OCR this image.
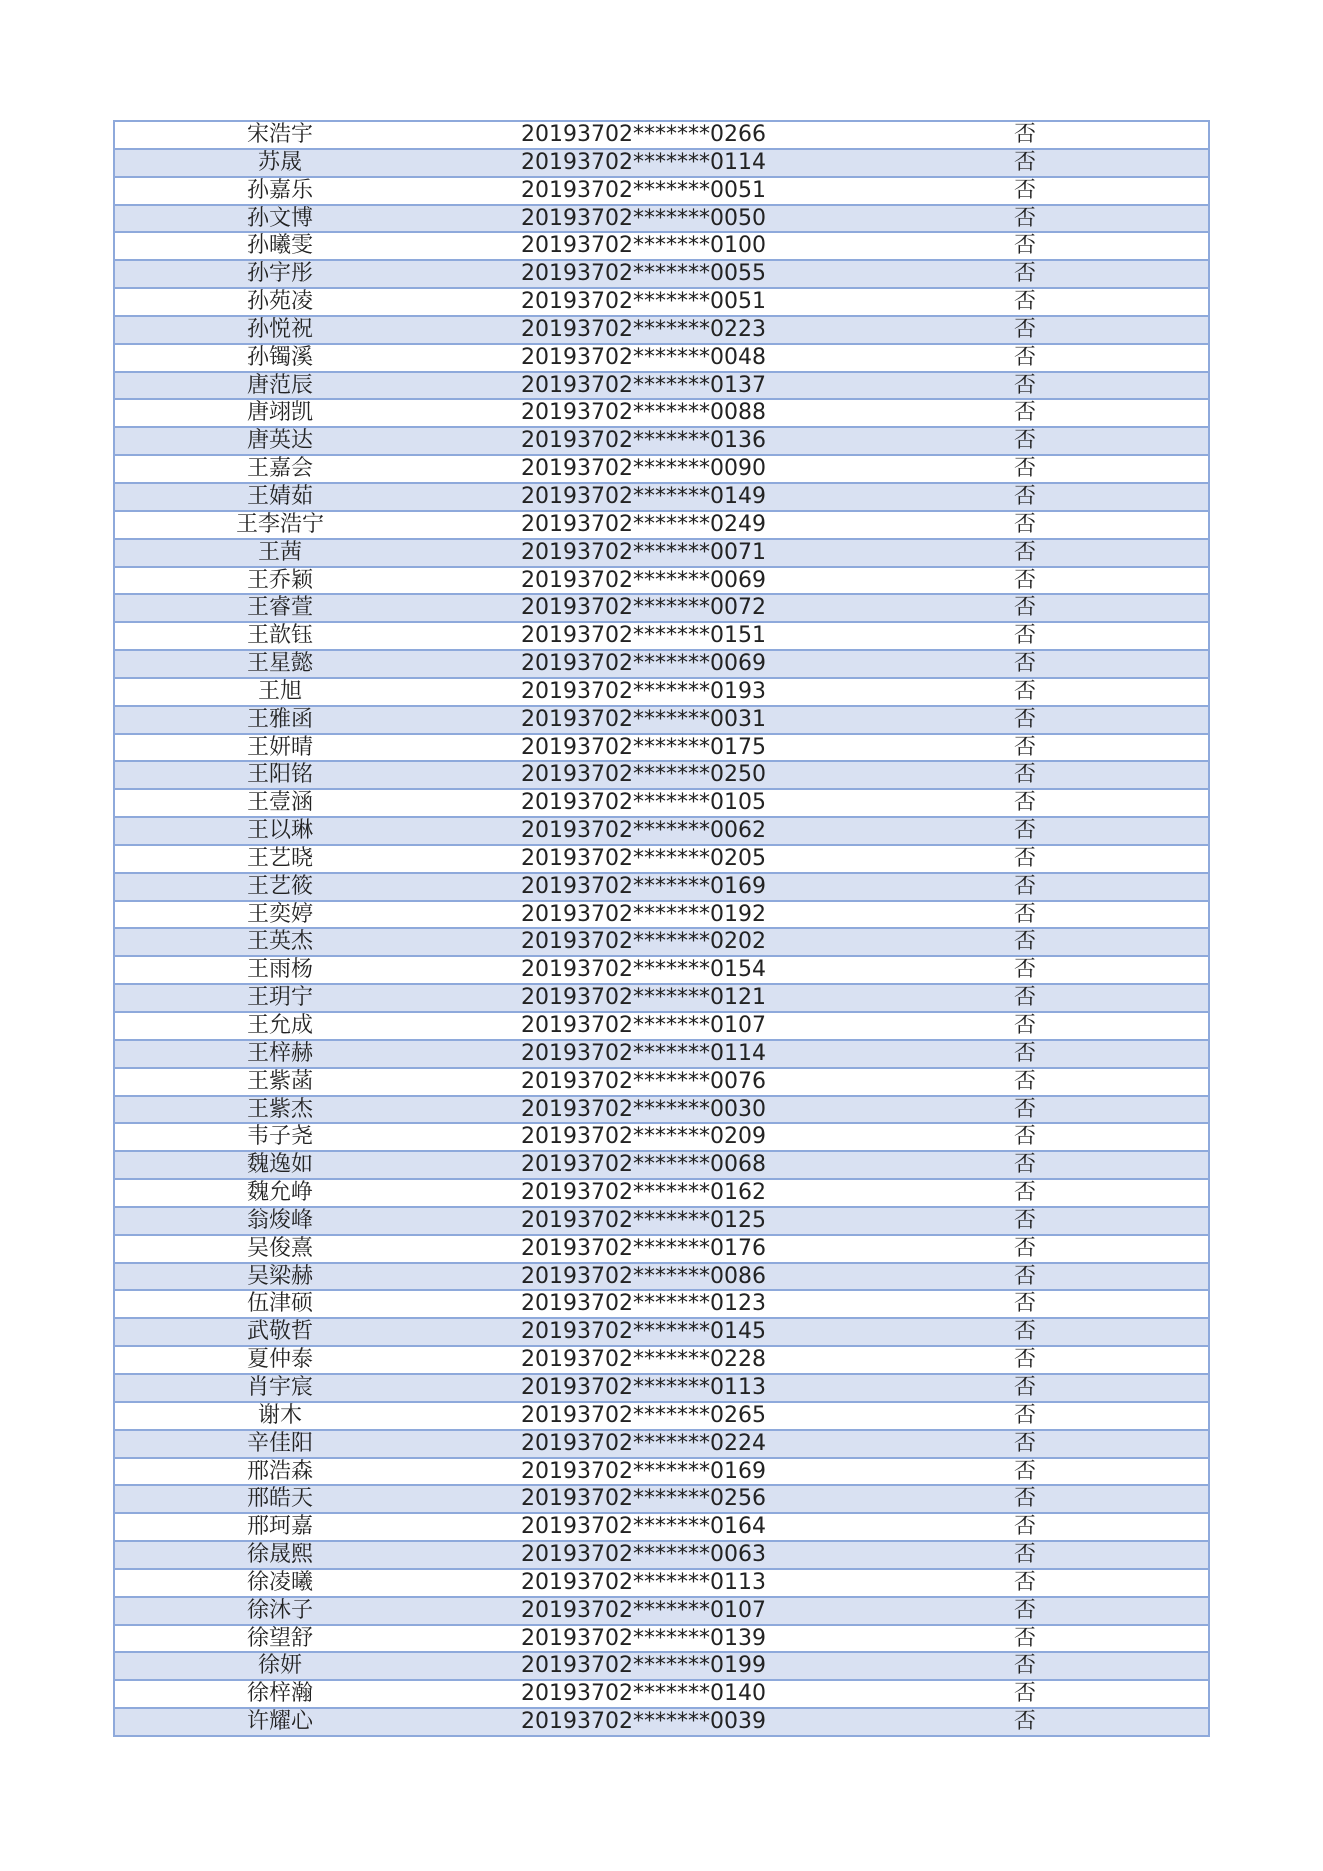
宋浩宇	20193702*******0266	否
苏晟	20193702*******0114	否
孙嘉乐	20193702*******0051	否
孙文博	20193702*******0050	否
孙曦雯	20193702*******0100	否
孙宇彤	20193702*******0055	否
孙苑凌	20193702*******0051	否
孙悦祝	20193702*******0223	否
孙镯溪	20193702*******0048	否
唐范辰	20193702*******0137	否
唐翊凯	20193702*******0088	否
唐英达	20193702*******0136	否
王嘉会	20193702*******0090	否
王婧茹	20193702*******0149	否
王李浩宁	20193702*******0249	否
王茜	20193702*******0071	否
王乔颖	20193702*******0069	否
王睿萱	20193702*******0072	否
王歆钰	20193702*******0151	否
王星懿	20193702*******0069	否
王旭	20193702*******0193	否
王雅函	20193702*******0031	否
王妍晴	20193702*******0175	否
王阳铭	20193702*******0250	否
王壹涵	20193702*******0105	否
王以琳	20193702*******0062	否
王艺晓	20193702*******0205	否
王艺筱	20193702*******0169	否
王奕婷	20193702*******0192	否
王英杰	20193702*******0202	否
王雨杨	20193702*******0154	否
王玥宁	20193702*******0121	否
王允成	20193702*******0107	否
王梓赫	20193702*******0114	否
王紫菡	20193702*******0076	否
王紫杰	20193702*******0030	否
韦子尧	20193702*******0209	否
魏逸如	20193702*******0068	否
魏允峥	20193702*******0162	否
翁焌峰	20193702*******0125	否
吴俊熹	20193702*******0176	否
吴梁赫	20193702*******0086	否
伍津硕	20193702*******0123	否
武敬哲	20193702*******0145	否
夏仲泰	20193702*******0228	否
肖宇宸	20193702*******0113	否
谢木	20193702*******0265	否
辛佳阳	20193702*******0224	否
邢浩森	20193702*******0169	否
邢皓天	20193702*******0256	否
邢珂嘉	20193702*******0164	否
徐晟熙	20193702*******0063	否
徐凌曦	20193702*******0113	否
徐沐子	20193702*******0107	否
徐望舒	20193702*******0139	否
徐妍	20193702*******0199	否
徐梓瀚	20193702*******0140	否
许耀心	20193702*******0039	否
